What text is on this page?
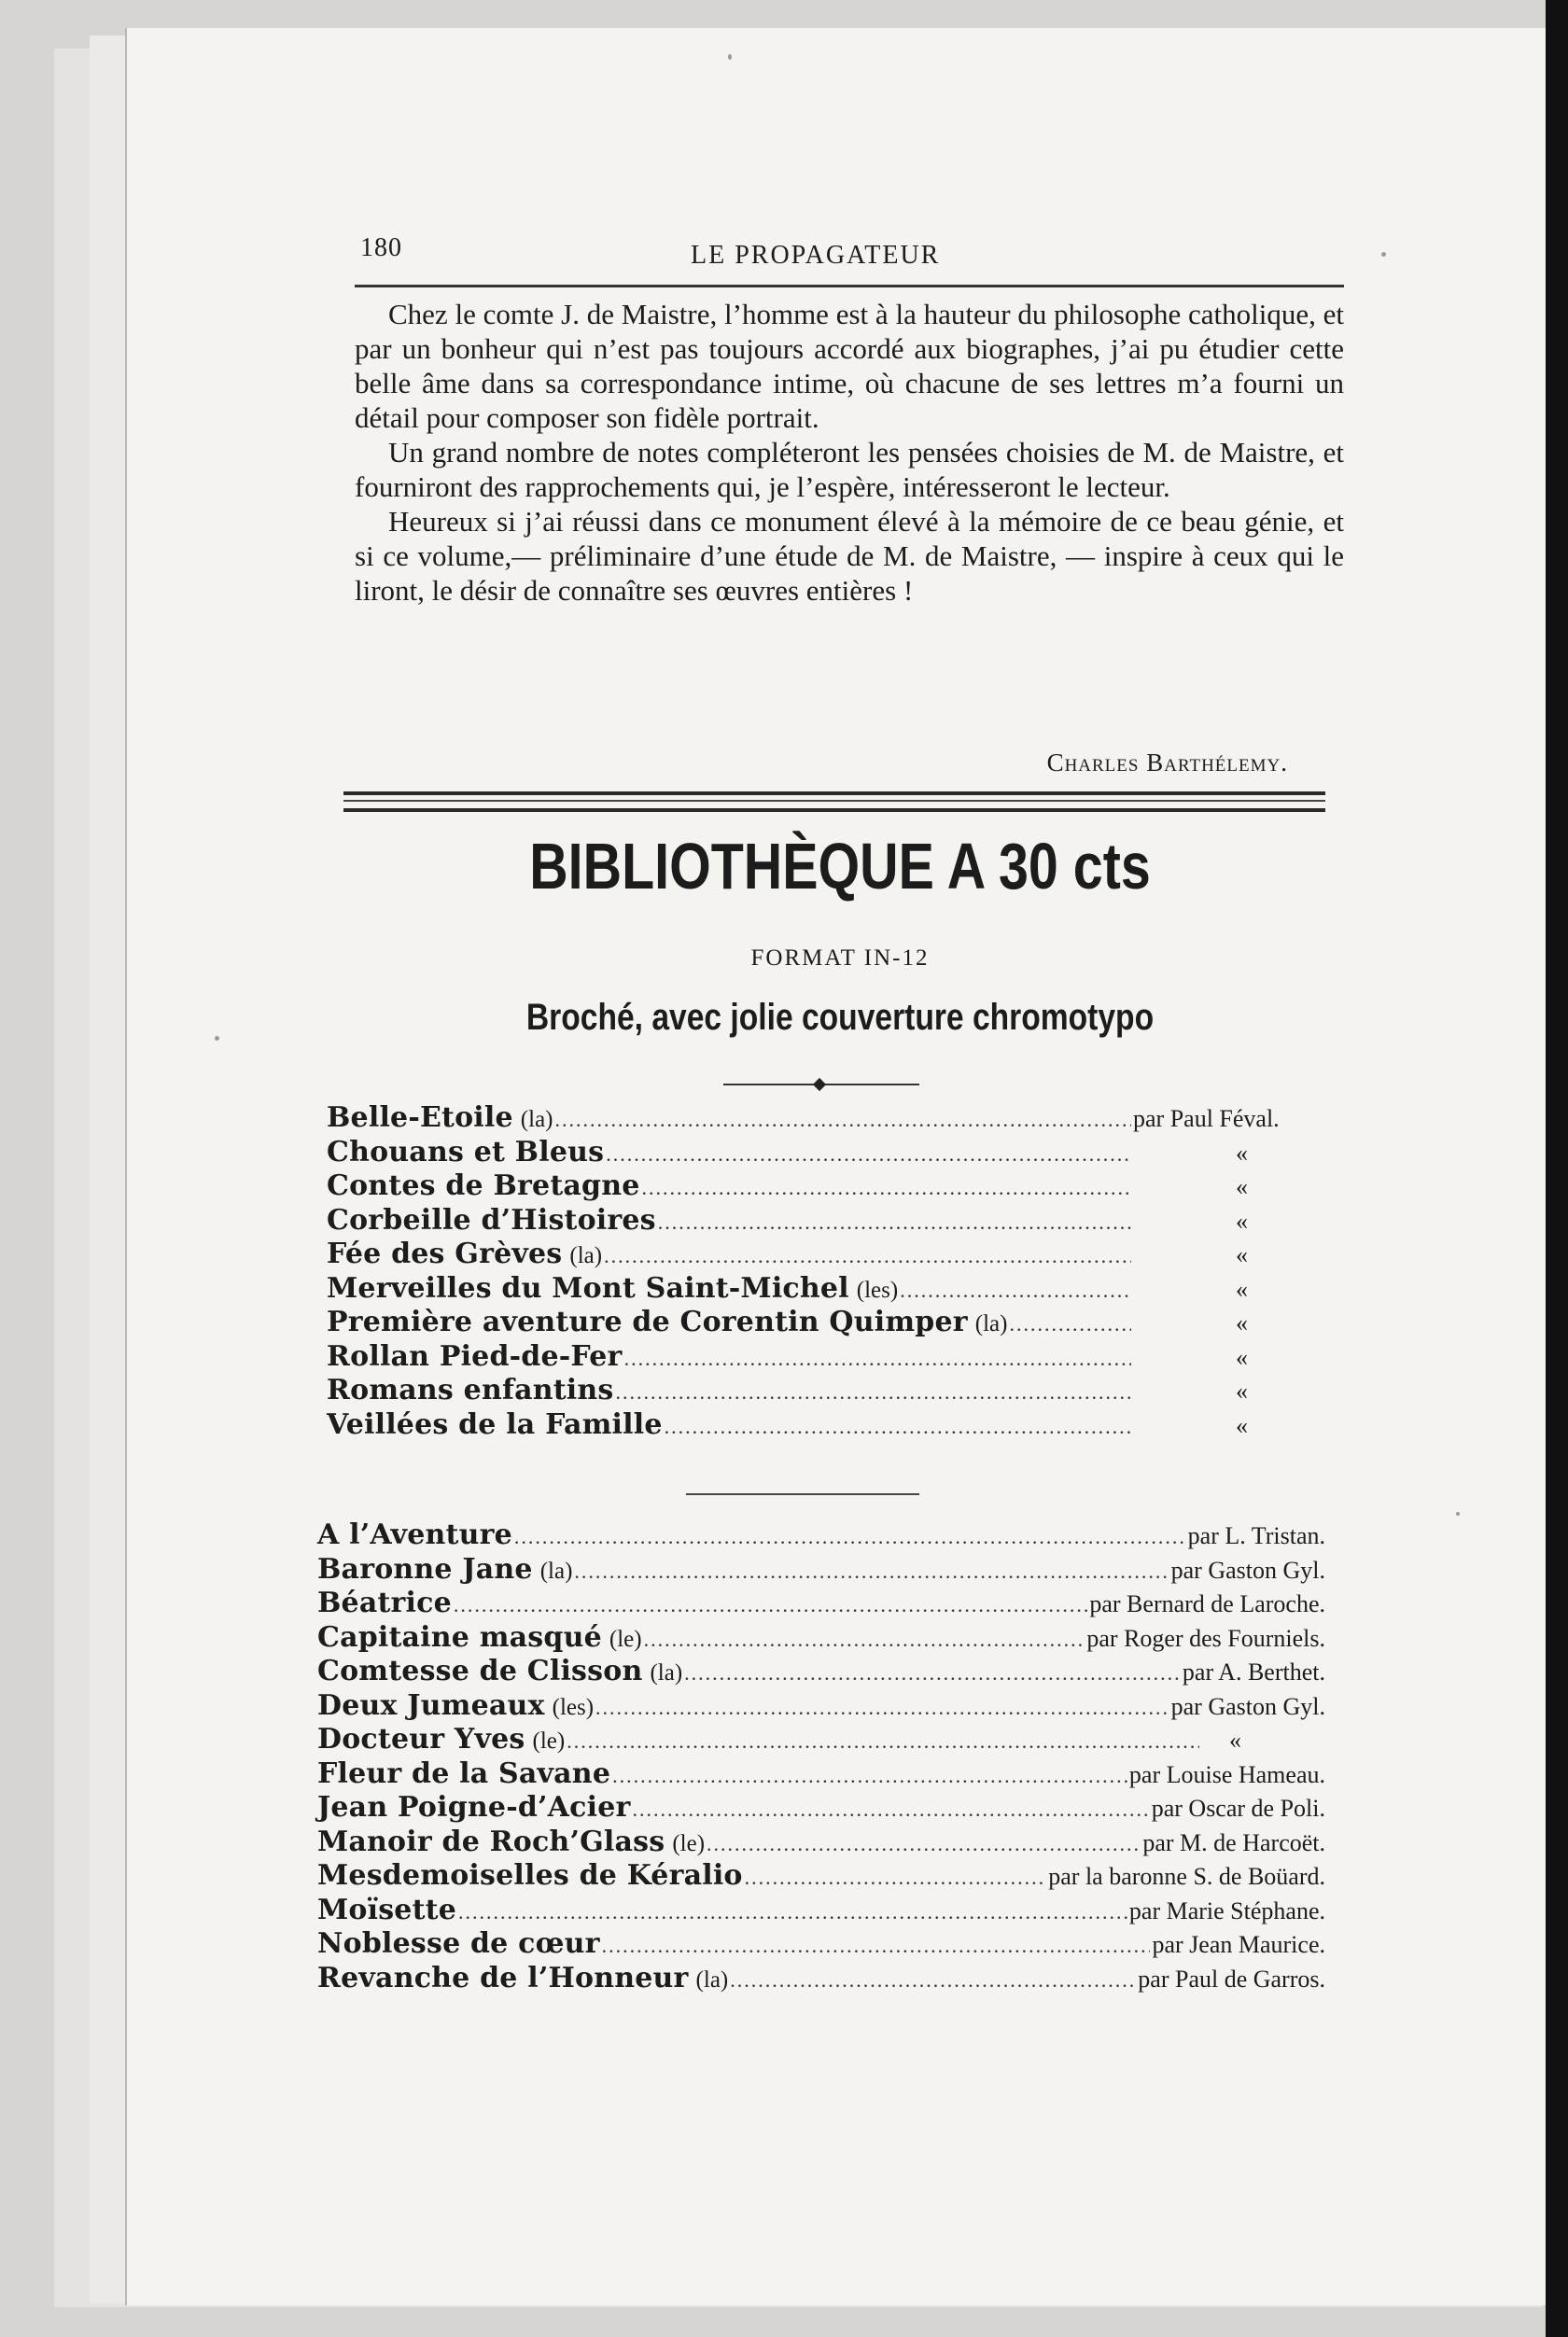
180	LE PROPAGATEUR

Chez le comte J. de Maistre, l’homme est à la hauteur du philosophe catholique, et par un bonheur qui n’est pas toujours accordé aux biographes, j’ai pu étudier cette belle âme dans sa correspondance intime, où chacune de ses lettres m’a fourni un détail pour composer son fidèle portrait.

Un grand nombre de notes compléteront les pensées choisies de M. de Maistre, et fourniront des rapprochements qui, je l’espère, intéresseront le lecteur.

Heureux si j’ai réussi dans ce monument élevé à la mémoire de ce beau génie, et si ce volume,— préliminaire d’une étude de M. de Maistre, — inspire à ceux qui le liront, le désir de connaître ses œuvres entières !

Charles Barthélemy.
BIBLIOTHÈQUE A 30 cts
FORMAT IN-12
Broché, avec jolie couverture chromotypo
Belle-Etoile (la) .....	par Paul Féval.
Chouans et Bleus .....	«
Contes de Bretagne .....	«
Corbeille d’Histoires .....	«
Fée des Grèves (la) .....	«
Merveilles du Mont Saint-Michel (les) .....	«
Première aventure de Corentin Quimper (la) .....	«
Rollan Pied-de-Fer .....	«
Romans enfantins .....	«
Veillées de la Famille .....	«
A l’Aventure .....	par L. Tristan.
Baronne Jane (la) .....	par Gaston Gyl.
Béatrice .....	par Bernard de Laroche.
Capitaine masqué (le) .....	par Roger des Fourniels.
Comtesse de Clisson (la) .....	par A. Berthet.
Deux Jumeaux (les) .....	par Gaston Gyl.
Docteur Yves (le) .....	«
Fleur de la Savane .....	par Louise Hameau.
Jean Poigne-d’Acier .....	par Oscar de Poli.
Manoir de Roch’Glass (le) .....	par M. de Harcoët.
Mesdemoiselles de Kéralio .....	par la baronne S. de Boüard.
Moïsette .....	par Marie Stéphane.
Noblesse de cœur .....	par Jean Maurice.
Revanche de l’Honneur (la) .....	par Paul de Garros.
